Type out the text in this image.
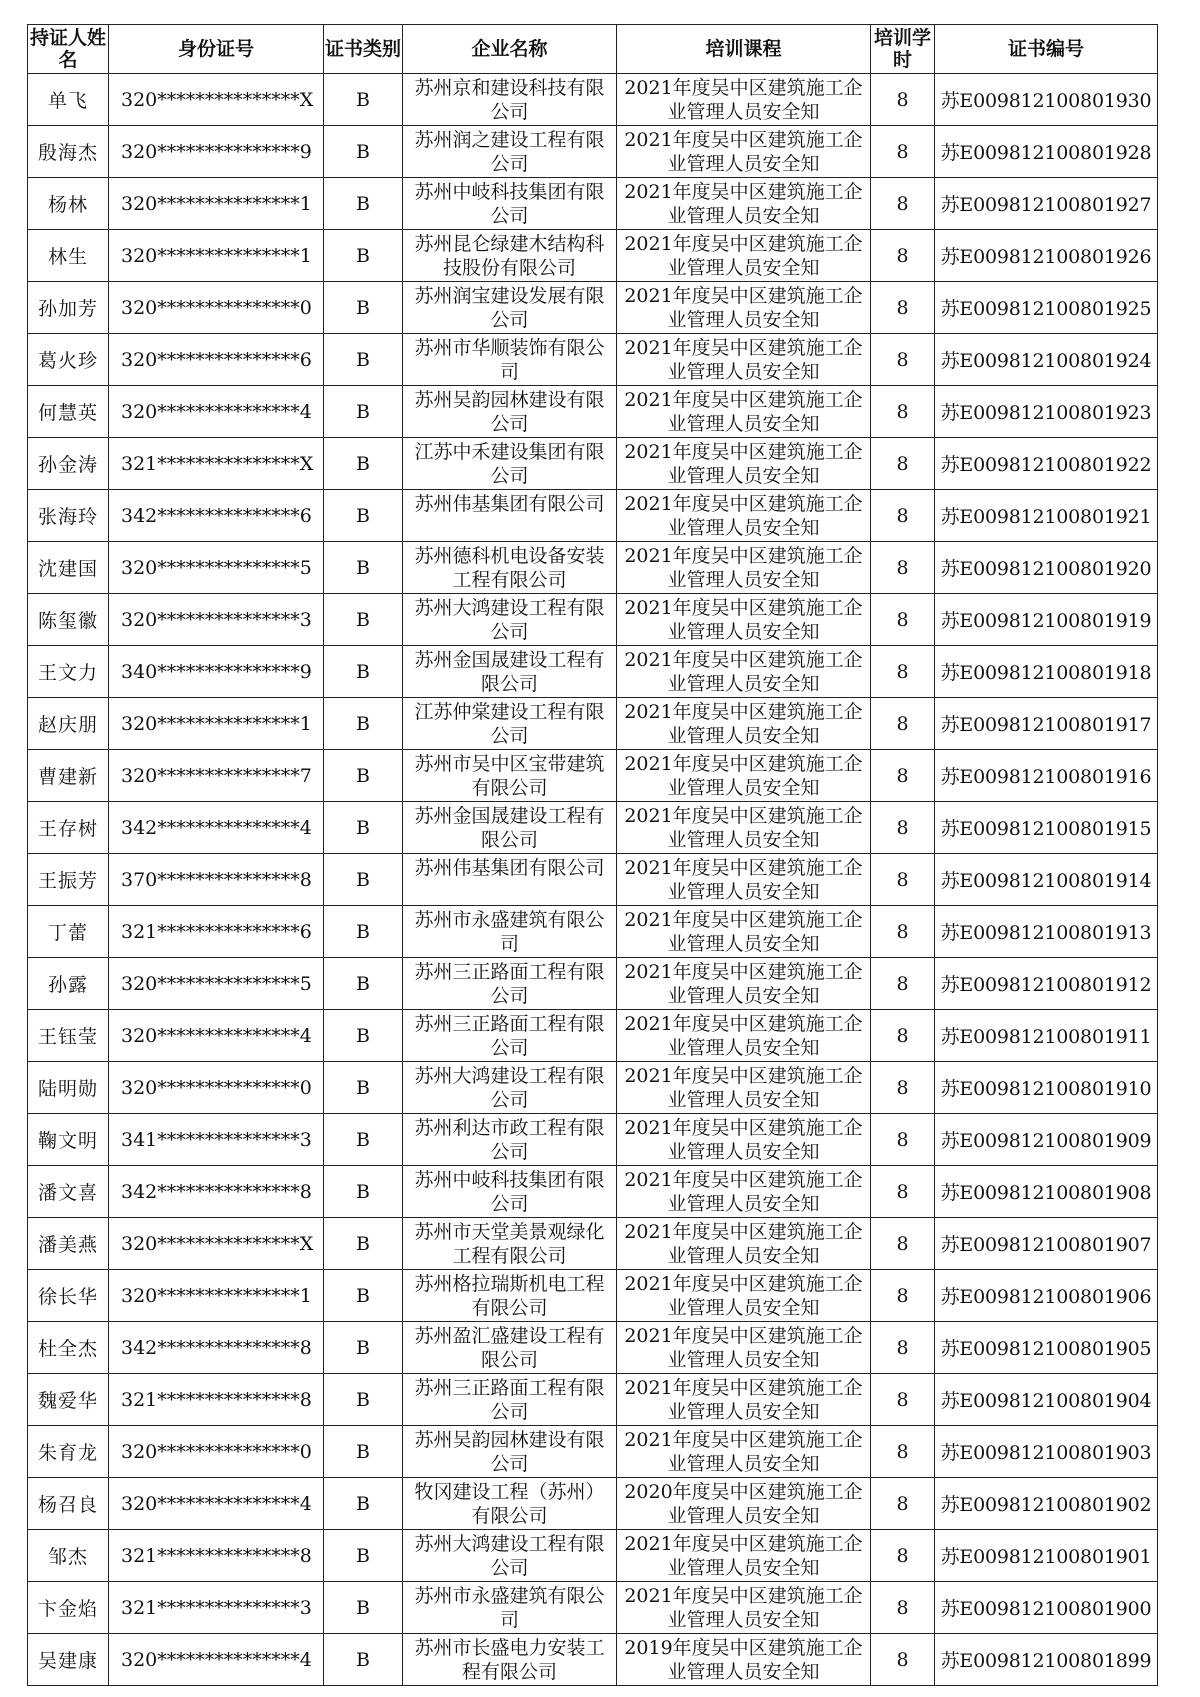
持证人姓名	身份证号	证书类别	企业名称	培训课程	培训学时	证书编号
单飞	320***************X	B	苏州京和建设科技有限公司	2021年度吴中区建筑施工企业管理人员安全知	8	苏E009812100801930
殷海杰	320***************9	B	苏州润之建设工程有限公司	2021年度吴中区建筑施工企业管理人员安全知	8	苏E009812100801928
杨林	320***************1	B	苏州中岐科技集团有限公司	2021年度吴中区建筑施工企业管理人员安全知	8	苏E009812100801927
林生	320***************1	B	苏州昆仑绿建木结构科技股份有限公司	2021年度吴中区建筑施工企业管理人员安全知	8	苏E009812100801926
孙加芳	320***************0	B	苏州润宝建设发展有限公司	2021年度吴中区建筑施工企业管理人员安全知	8	苏E009812100801925
葛火珍	320***************6	B	苏州市华顺装饰有限公司	2021年度吴中区建筑施工企业管理人员安全知	8	苏E009812100801924
何慧英	320***************4	B	苏州吴韵园林建设有限公司	2021年度吴中区建筑施工企业管理人员安全知	8	苏E009812100801923
孙金涛	321***************X	B	江苏中禾建设集团有限公司	2021年度吴中区建筑施工企业管理人员安全知	8	苏E009812100801922
张海玲	342***************6	B	苏州伟基集团有限公司	2021年度吴中区建筑施工企业管理人员安全知	8	苏E009812100801921
沈建国	320***************5	B	苏州德科机电设备安装工程有限公司	2021年度吴中区建筑施工企业管理人员安全知	8	苏E009812100801920
陈玺徽	320***************3	B	苏州大鸿建设工程有限公司	2021年度吴中区建筑施工企业管理人员安全知	8	苏E009812100801919
王文力	340***************9	B	苏州金国晟建设工程有限公司	2021年度吴中区建筑施工企业管理人员安全知	8	苏E009812100801918
赵庆朋	320***************1	B	江苏仲棠建设工程有限公司	2021年度吴中区建筑施工企业管理人员安全知	8	苏E009812100801917
曹建新	320***************7	B	苏州市吴中区宝带建筑有限公司	2021年度吴中区建筑施工企业管理人员安全知	8	苏E009812100801916
王存树	342***************4	B	苏州金国晟建设工程有限公司	2021年度吴中区建筑施工企业管理人员安全知	8	苏E009812100801915
王振芳	370***************8	B	苏州伟基集团有限公司	2021年度吴中区建筑施工企业管理人员安全知	8	苏E009812100801914
丁蕾	321***************6	B	苏州市永盛建筑有限公司	2021年度吴中区建筑施工企业管理人员安全知	8	苏E009812100801913
孙露	320***************5	B	苏州三正路面工程有限公司	2021年度吴中区建筑施工企业管理人员安全知	8	苏E009812100801912
王钰莹	320***************4	B	苏州三正路面工程有限公司	2021年度吴中区建筑施工企业管理人员安全知	8	苏E009812100801911
陆明勋	320***************0	B	苏州大鸿建设工程有限公司	2021年度吴中区建筑施工企业管理人员安全知	8	苏E009812100801910
鞠文明	341***************3	B	苏州利达市政工程有限公司	2021年度吴中区建筑施工企业管理人员安全知	8	苏E009812100801909
潘文喜	342***************8	B	苏州中岐科技集团有限公司	2021年度吴中区建筑施工企业管理人员安全知	8	苏E009812100801908
潘美燕	320***************X	B	苏州市天堂美景观绿化工程有限公司	2021年度吴中区建筑施工企业管理人员安全知	8	苏E009812100801907
徐长华	320***************1	B	苏州格拉瑞斯机电工程有限公司	2021年度吴中区建筑施工企业管理人员安全知	8	苏E009812100801906
杜全杰	342***************8	B	苏州盈汇盛建设工程有限公司	2021年度吴中区建筑施工企业管理人员安全知	8	苏E009812100801905
魏爱华	321***************8	B	苏州三正路面工程有限公司	2021年度吴中区建筑施工企业管理人员安全知	8	苏E009812100801904
朱育龙	320***************0	B	苏州吴韵园林建设有限公司	2021年度吴中区建筑施工企业管理人员安全知	8	苏E009812100801903
杨召良	320***************4	B	牧冈建设工程（苏州）有限公司	2020年度吴中区建筑施工企业管理人员安全知	8	苏E009812100801902
邹杰	321***************8	B	苏州大鸿建设工程有限公司	2021年度吴中区建筑施工企业管理人员安全知	8	苏E009812100801901
卞金焰	321***************3	B	苏州市永盛建筑有限公司	2021年度吴中区建筑施工企业管理人员安全知	8	苏E009812100801900
吴建康	320***************4	B	苏州市长盛电力安装工程有限公司	2019年度吴中区建筑施工企业管理人员安全知	8	苏E009812100801899
